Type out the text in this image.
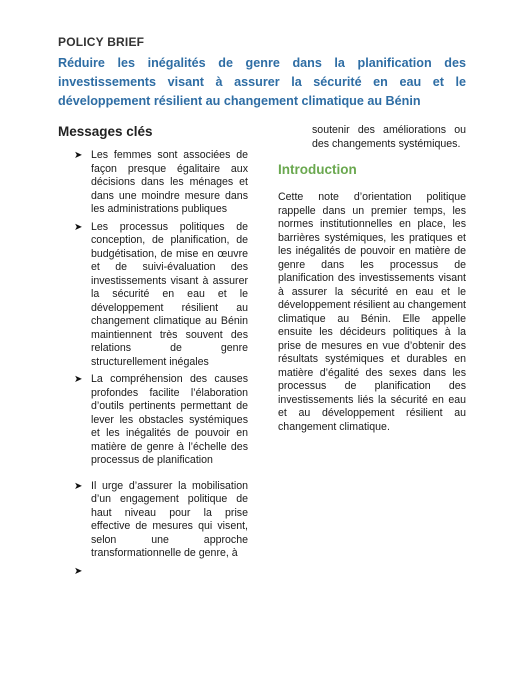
POLICY BRIEF
Réduire les inégalités de genre dans la planification des investissements visant à assurer la sécurité en eau et le développement résilient au changement climatique au Bénin
Messages clés
➤ Les femmes sont associées de façon presque égalitaire aux décisions dans les ménages et dans une moindre mesure dans les administrations publiques
➤ Les processus politiques de conception, de planification, de budgétisation, de mise en œuvre et de suivi-évaluation des investissements visant à assurer la sécurité en eau et le développement résilient au changement climatique au Bénin maintiennent très souvent des relations de genre structurellement inégales
➤ La compréhension des causes profondes facilite l’élaboration d’outils pertinents permettant de lever les obstacles systémiques et les inégalités de pouvoir en matière de genre à l’échelle des processus de planification
➤ Il urge d’assurer la mobilisation d’un engagement politique de haut niveau pour la prise effective de mesures qui visent, selon une approche transformationnelle de genre, à
➤

soutenir des améliorations ou des changements systémiques.

Introduction

Cette note d’orientation politique rappelle dans un premier temps, les normes institutionnelles en place, les barrières systémiques, les pratiques et les inégalités de pouvoir en matière de genre dans les processus de planification des investissements visant à assurer la sécurité en eau et le développement résilient au changement climatique au Bénin. Elle appelle ensuite les décideurs politiques à la prise de mesures en vue d’obtenir des résultats systémiques et durables en matière d’égalité des sexes dans les processus de planification des investissements liés la sécurité en eau et au développement résilient au changement climatique.
